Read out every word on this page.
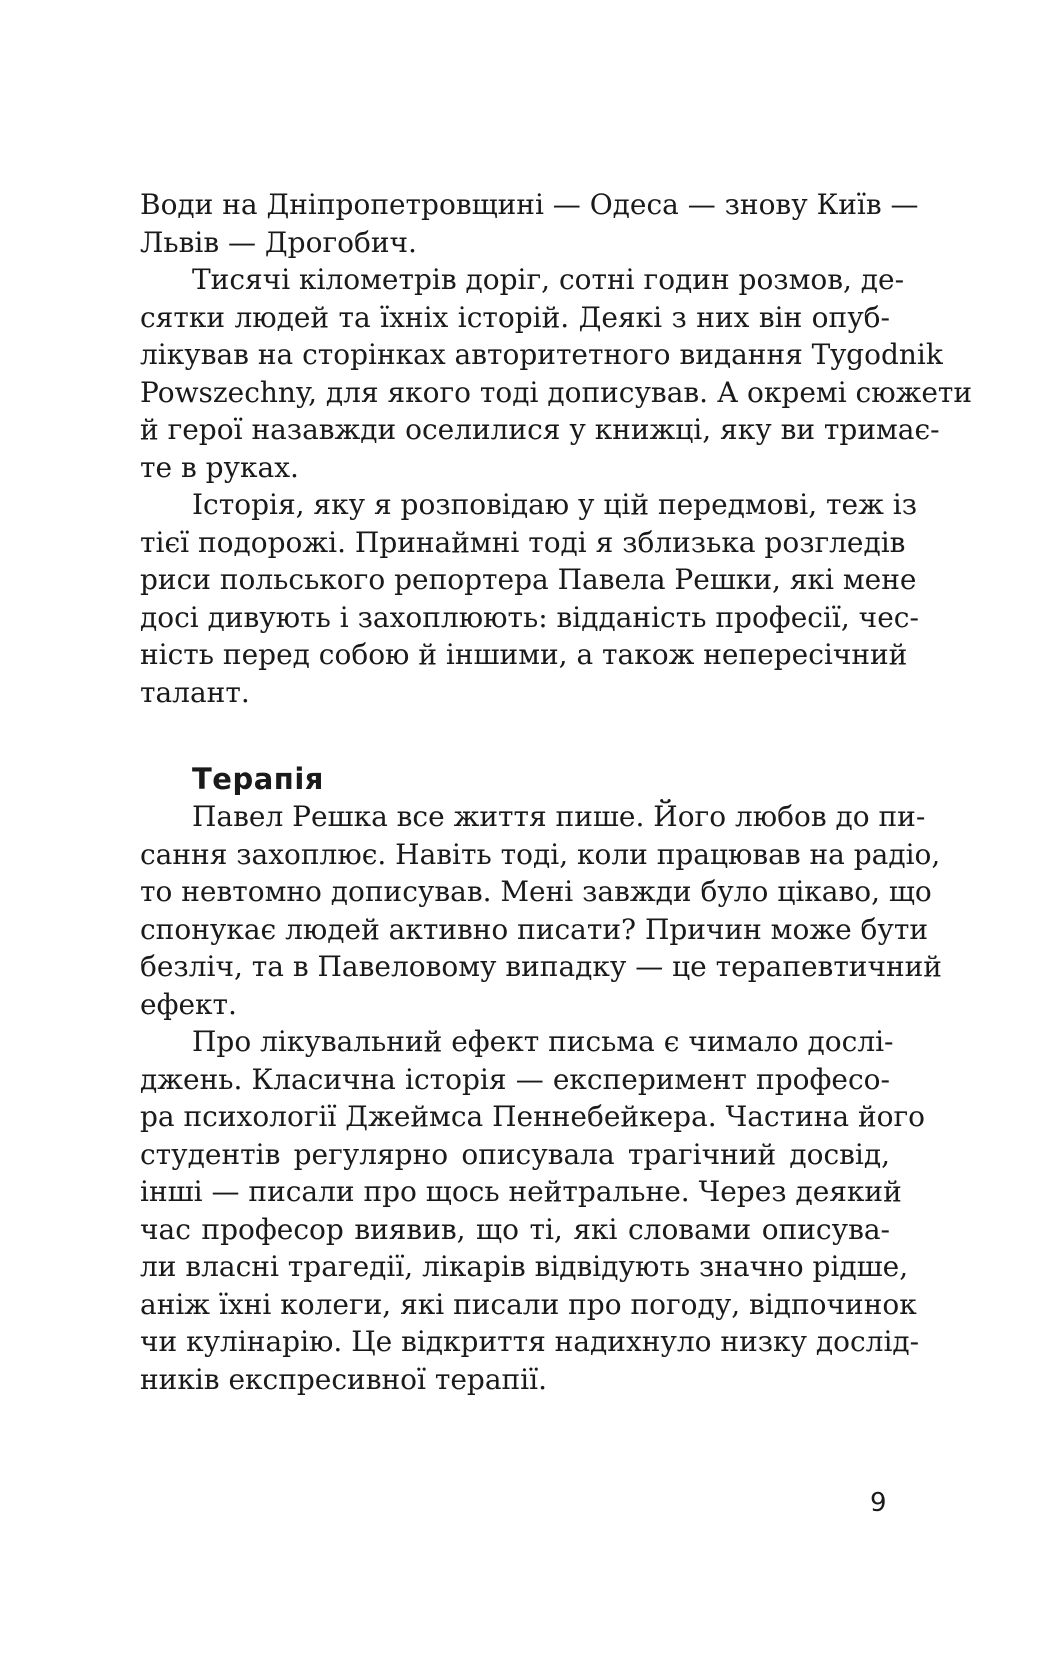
Води на Дніпропетровщині — Одеса — знову Київ —
Львів — Дрогобич.
Тисячі кілометрів доріг, сотні годин розмов, де-
сятки людей та їхніх історій. Деякі з них він опуб-
лікував на сторінках авторитетного видання Tygodnik
Powszechny, для якого тоді дописував. А окремі сюжети
й герої назавжди оселилися у книжці, яку ви тримає-
те в руках.
Історія, яку я розповідаю у цій передмові, теж із
тієї подорожі. Принаймні тоді я зблизька розгледів
риси польського репортера Павела Решки, які мене
досі дивують і захоплюють: відданість професії, чес-
ність перед собою й іншими, а також непересічний
талант.
Терапія
Павел Решка все життя пише. Його любов до пи-
сання захоплює. Навіть тоді, коли працював на радіо,
то невтомно дописував. Мені завжди було цікаво, що
спонукає людей активно писати? Причин може бути
безліч, та в Павеловому випадку — це терапевтичний
ефект.
Про лікувальний ефект письма є чимало дослі-
джень. Класична історія — експеримент професо-
ра психології Джеймса Пеннебейкера. Частина його
студентів регулярно описувала трагічний досвід,
інші — писали про щось нейтральне. Через деякий
час професор виявив, що ті, які словами описува-
ли власні трагедії, лікарів відвідують значно рідше,
аніж їхні колеги, які писали про погоду, відпочинок
чи кулінарію. Це відкриття надихнуло низку дослід-
ників експресивної терапії.
9
